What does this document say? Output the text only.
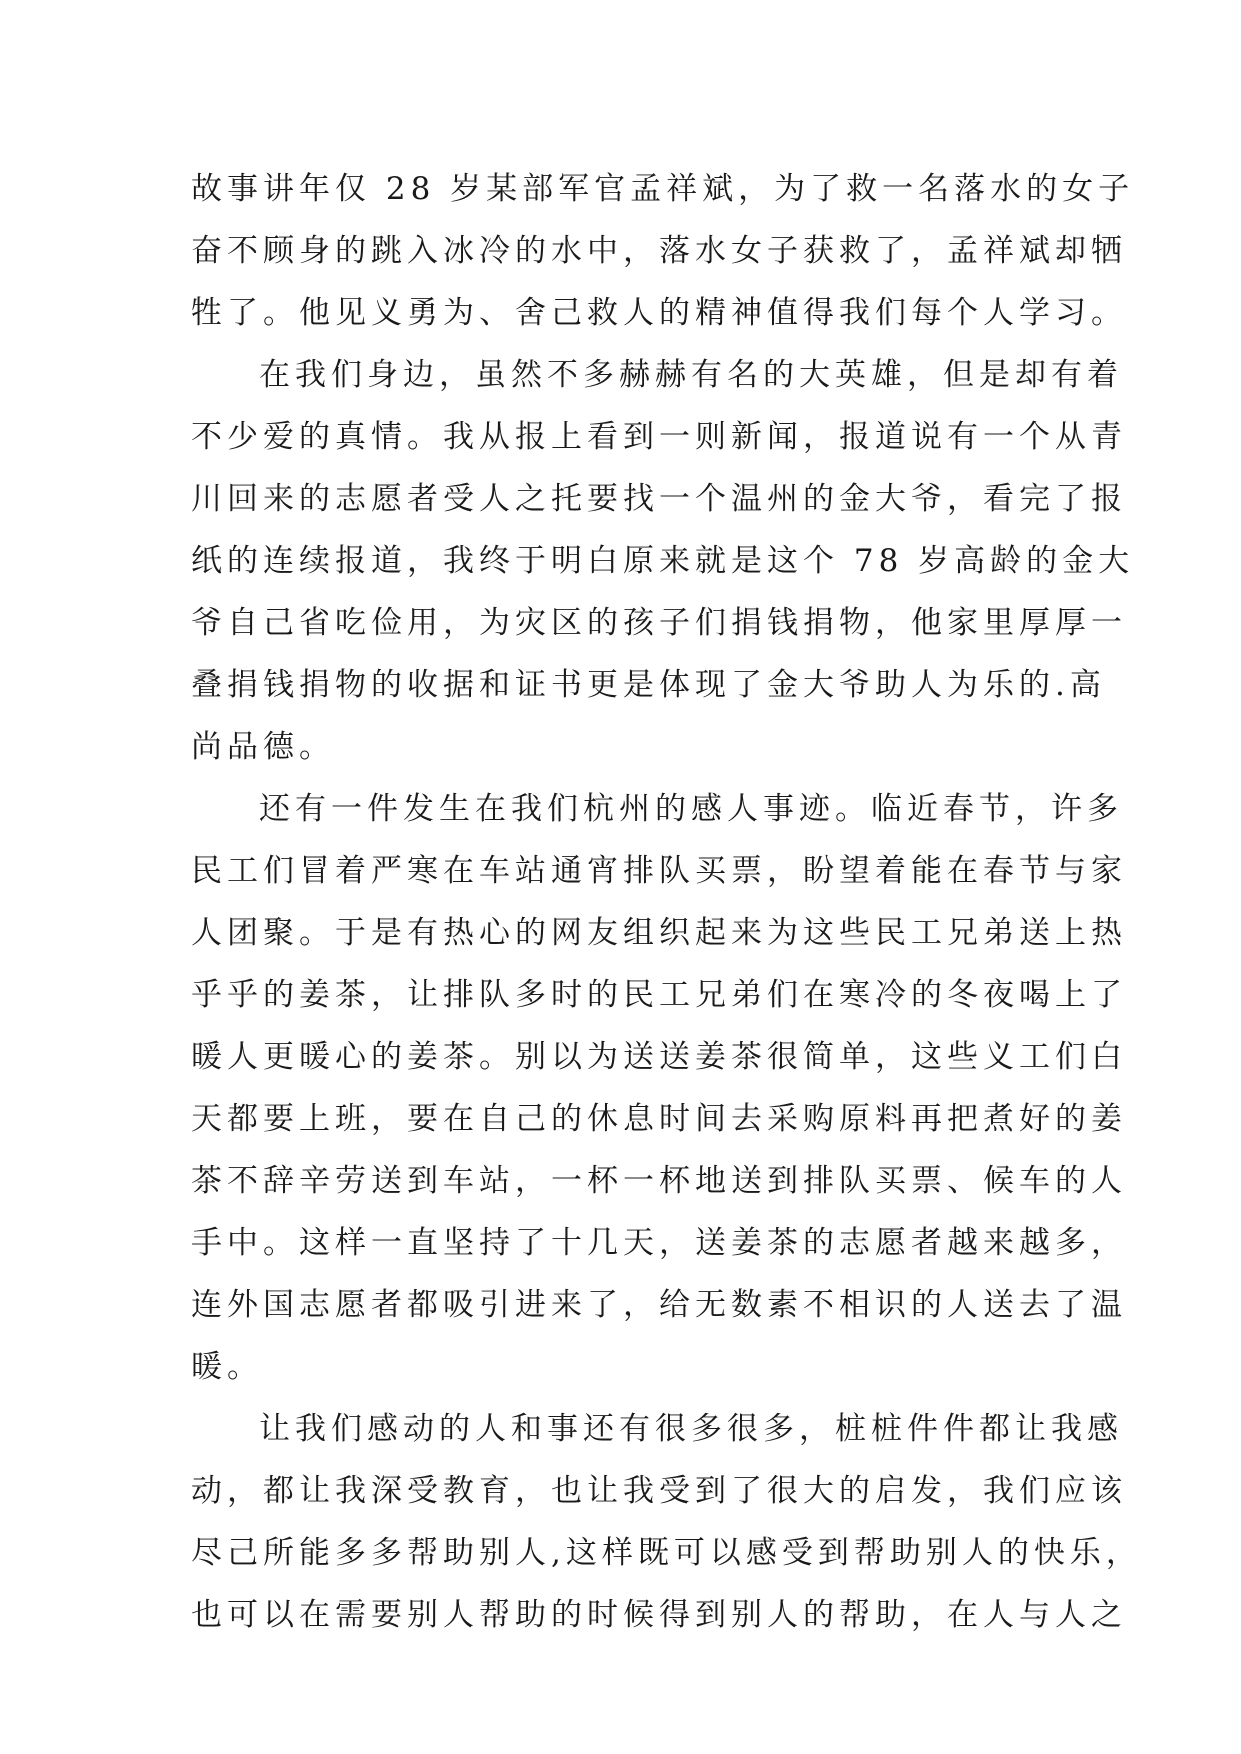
故事讲年仅 28 岁某部军官孟祥斌，为了救一名落水的女子
奋不顾身的跳入冰冷的水中，落水女子获救了，孟祥斌却牺
牲了。他见义勇为、舍己救人的精神值得我们每个人学习。
在我们身边，虽然不多赫赫有名的大英雄，但是却有着
不少爱的真情。我从报上看到一则新闻，报道说有一个从青
川回来的志愿者受人之托要找一个温州的金大爷，看完了报
纸的连续报道，我终于明白原来就是这个 78 岁高龄的金大
爷自己省吃俭用，为灾区的孩子们捐钱捐物，他家里厚厚一
叠捐钱捐物的收据和证书更是体现了金大爷助人为乐的.高
尚品德。
还有一件发生在我们杭州的感人事迹。临近春节，许多
民工们冒着严寒在车站通宵排队买票，盼望着能在春节与家
人团聚。于是有热心的网友组织起来为这些民工兄弟送上热
乎乎的姜茶，让排队多时的民工兄弟们在寒冷的冬夜喝上了
暖人更暖心的姜茶。别以为送送姜茶很简单，这些义工们白
天都要上班，要在自己的休息时间去采购原料再把煮好的姜
茶不辞辛劳送到车站，一杯一杯地送到排队买票、候车的人
手中。这样一直坚持了十几天，送姜茶的志愿者越来越多，
连外国志愿者都吸引进来了，给无数素不相识的人送去了温
暖。
让我们感动的人和事还有很多很多，桩桩件件都让我感
动，都让我深受教育，也让我受到了很大的启发，我们应该
尽己所能多多帮助别人,这样既可以感受到帮助别人的快乐，
也可以在需要别人帮助的时候得到别人的帮助，在人与人之
